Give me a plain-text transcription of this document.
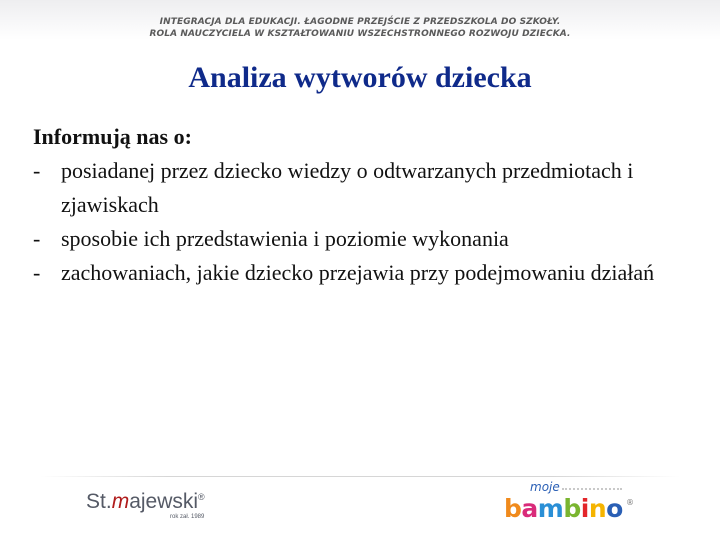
INTEGRACJA DLA EDUKACJI. ŁAGODNE PRZEJŚCIE Z PRZEDSZKOLA DO SZKOŁY.
ROLA NAUCZYCIELA W KSZTAŁTOWANIU WSZECHSTRONNEGO ROZWOJU DZIECKA.
Analiza wytworów dziecka
Informują nas o:
- posiadanej przez dziecko wiedzy o odtwarzanych przedmiotach i zjawiskach
- sposobie ich przedstawienia i poziomie wykonania
- zachowaniach, jakie dziecko przejawia przy podejmowaniu działań
St.majewski®
rok zał. 1989
moje
bambino ®
